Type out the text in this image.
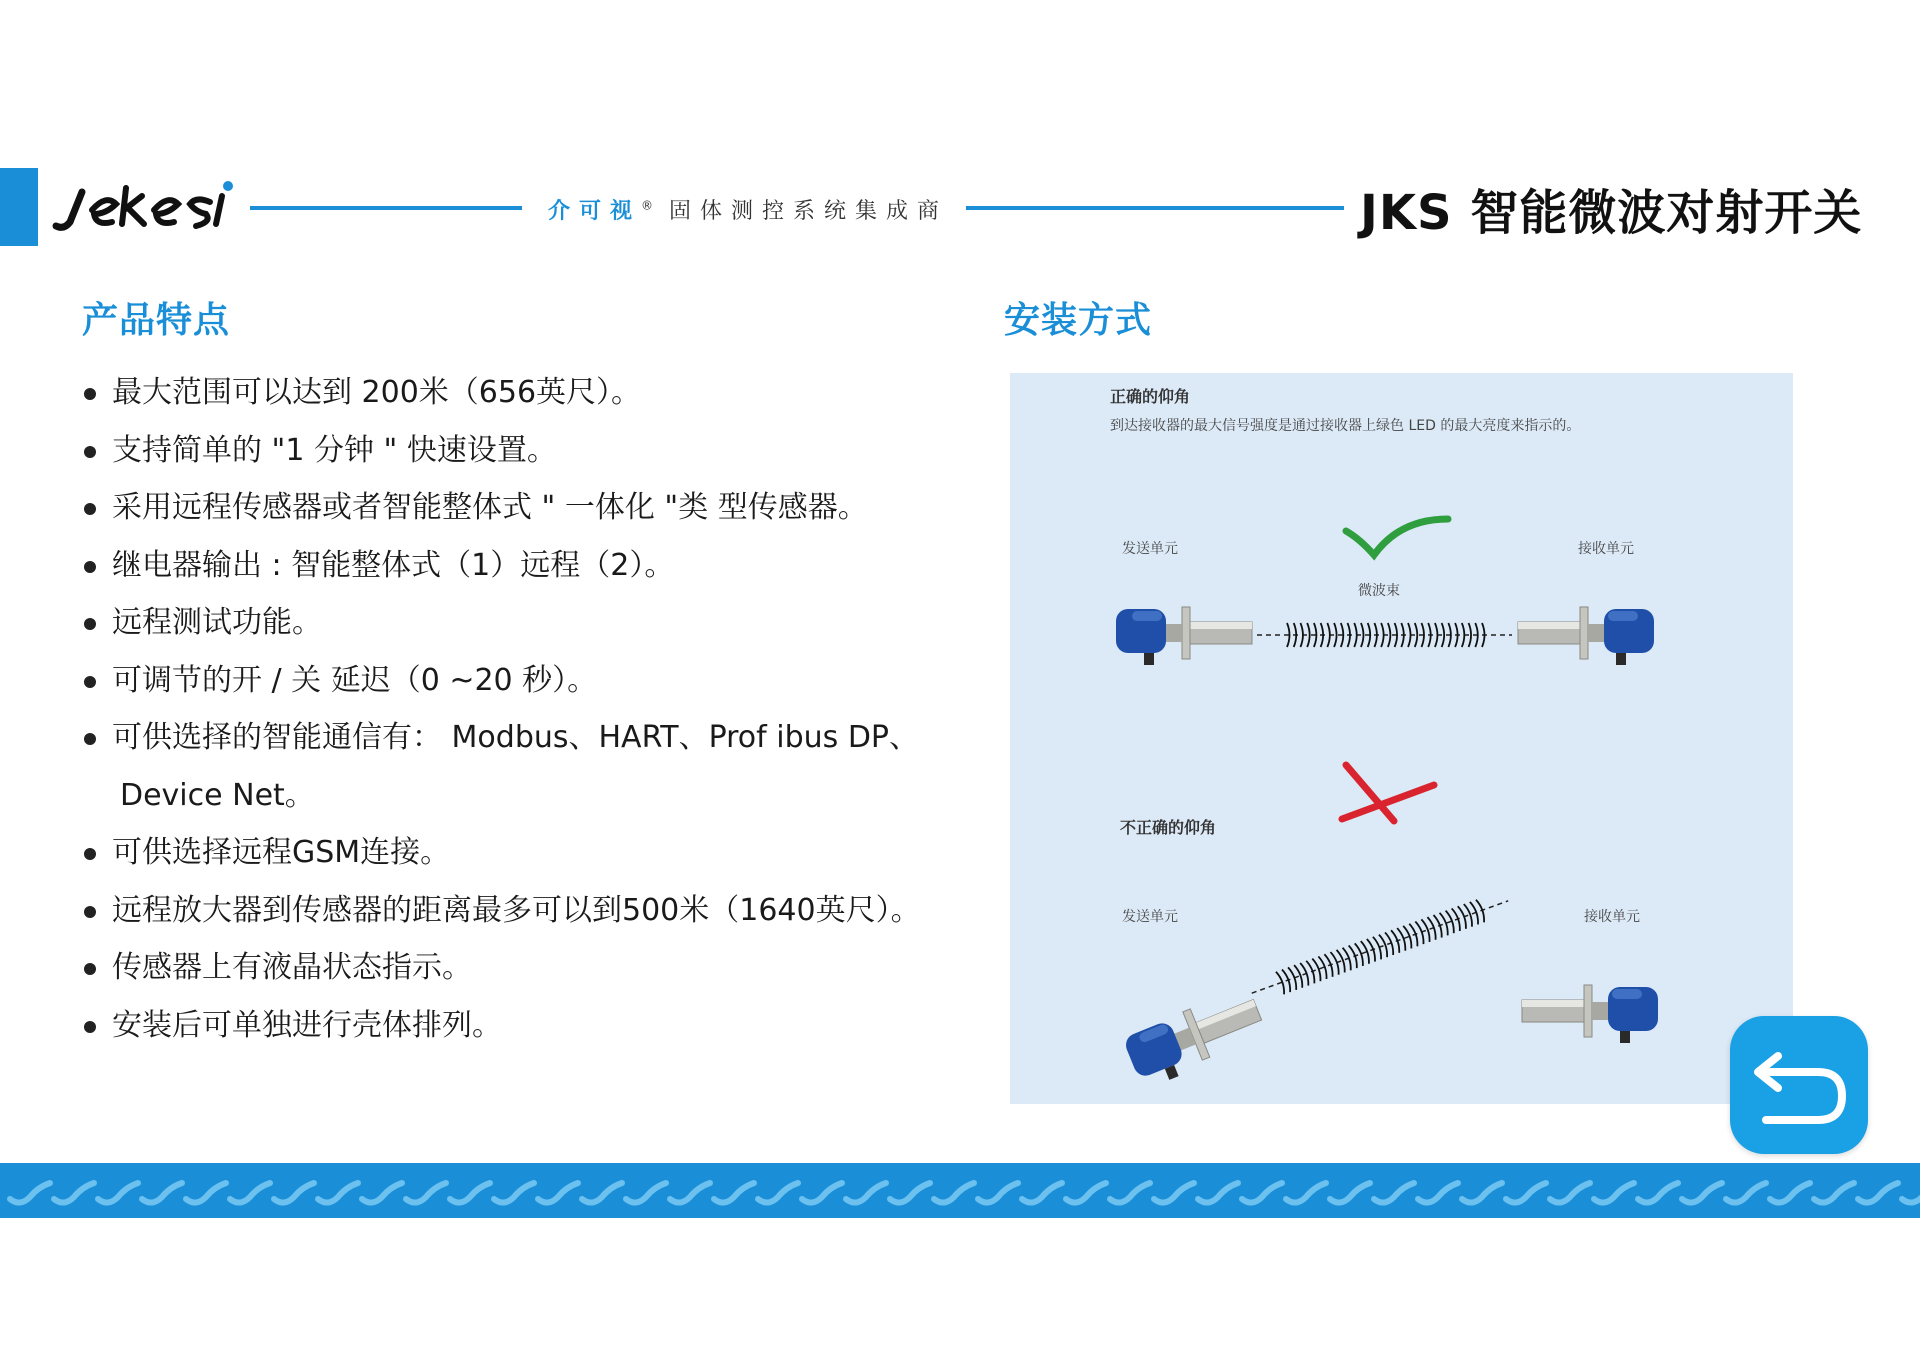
介可视® 固体测控系统集成商	JKS 智能微波对射开关
产品特点	安装方式
最大范围可以达到 200米（656英尺）。
支持简单的 "1 分钟 " 快速设置。
采用远程传感器或者智能整体式 " 一体化 "类 型传感器。
继电器输出 : 智能整体式（1）远程（2）。
远程测试功能。
可调节的开 / 关 延迟（0 ~20 秒）。
可供选择的智能通信有： Modbus、HART、Prof ibus DP、
Device Net。
可供选择远程GSM连接。
远程放大器到传感器的距离最多可以到500米（1640英尺）。
传感器上有液晶状态指示。
安装后可单独进行壳体排列。
正确的仰角
到达接收器的最大信号强度是通过接收器上绿色 LED 的最大亮度来指示的。
发送单元	接收单元
微波束
不正确的仰角
发送单元	接收单元
